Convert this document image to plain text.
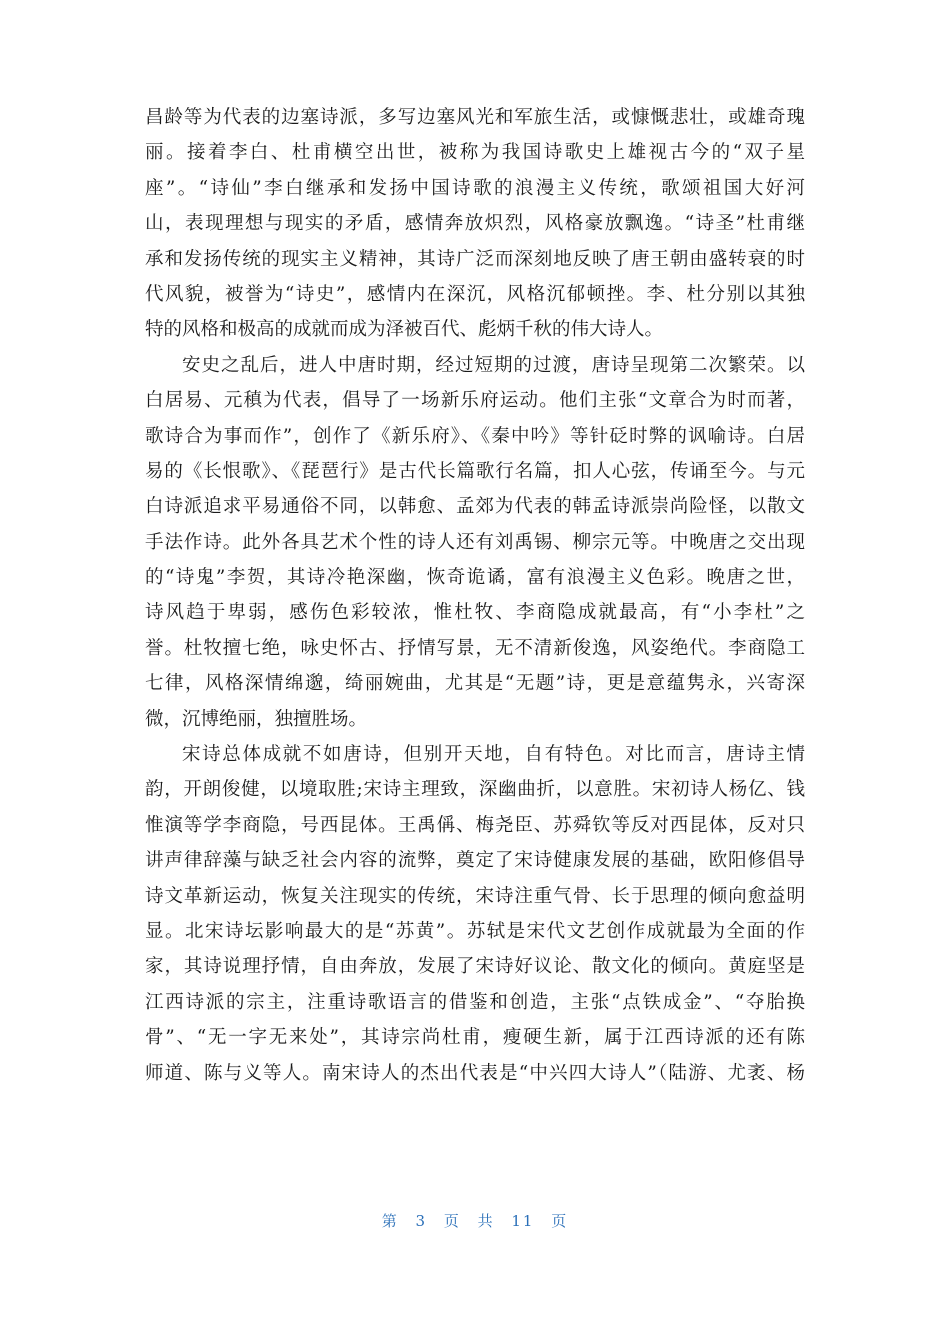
昌龄等为代表的边塞诗派，多写边塞风光和军旅生活，或慷慨悲壮，或雄奇瑰
丽。接着李白、杜甫横空出世，被称为我国诗歌史上雄视古今的“双子星
座”。“诗仙”李白继承和发扬中国诗歌的浪漫主义传统，歌颂祖国大好河
山，表现理想与现实的矛盾，感情奔放炽烈，风格豪放飘逸。“诗圣”杜甫继
承和发扬传统的现实主义精神，其诗广泛而深刻地反映了唐王朝由盛转衰的时
代风貌，被誉为“诗史”，感情内在深沉，风格沉郁顿挫。李、杜分别以其独
特的风格和极高的成就而成为泽被百代、彪炳千秋的伟大诗人。
安史之乱后，进人中唐时期，经过短期的过渡，唐诗呈现第二次繁荣。以
白居易、元稹为代表，倡导了一场新乐府运动。他们主张“文章合为时而著，
歌诗合为事而作”，创作了《新乐府》、《秦中吟》等针砭时弊的讽喻诗。白居
易的《长恨歌》、《琵琶行》是古代长篇歌行名篇，扣人心弦，传诵至今。与元
白诗派追求平易通俗不同，以韩愈、孟郊为代表的韩孟诗派崇尚险怪，以散文
手法作诗。此外各具艺术个性的诗人还有刘禹锡、柳宗元等。中晚唐之交出现
的“诗鬼”李贺，其诗冷艳深幽，恢奇诡谲，富有浪漫主义色彩。晚唐之世，
诗风趋于卑弱，感伤色彩较浓，惟杜牧、李商隐成就最高，有“小李杜”之
誉。杜牧擅七绝，咏史怀古、抒情写景，无不清新俊逸，风姿绝代。李商隐工
七律，风格深情绵邈，绮丽婉曲，尤其是“无题”诗，更是意蕴隽永，兴寄深
微，沉博绝丽，独擅胜场。
宋诗总体成就不如唐诗，但别开天地，自有特色。对比而言，唐诗主情
韵，开朗俊健，以境取胜;宋诗主理致，深幽曲折，以意胜。宋初诗人杨亿、钱
惟演等学李商隐，号西昆体。王禹偁、梅尧臣、苏舜钦等反对西昆体，反对只
讲声律辞藻与缺乏社会内容的流弊，奠定了宋诗健康发展的基础，欧阳修倡导
诗文革新运动，恢复关注现实的传统，宋诗注重气骨、长于思理的倾向愈益明
显。北宋诗坛影响最大的是“苏黄”。苏轼是宋代文艺创作成就最为全面的作
家，其诗说理抒情，自由奔放，发展了宋诗好议论、散文化的倾向。黄庭坚是
江西诗派的宗主，注重诗歌语言的借鉴和创造，主张“点铁成金”、“夺胎换
骨”、“无一字无来处”，其诗宗尚杜甫，瘦硬生新，属于江西诗派的还有陈
师道、陈与义等人。南宋诗人的杰出代表是“中兴四大诗人”（陆游、尤袤、杨
第 3 页 共 11 页
